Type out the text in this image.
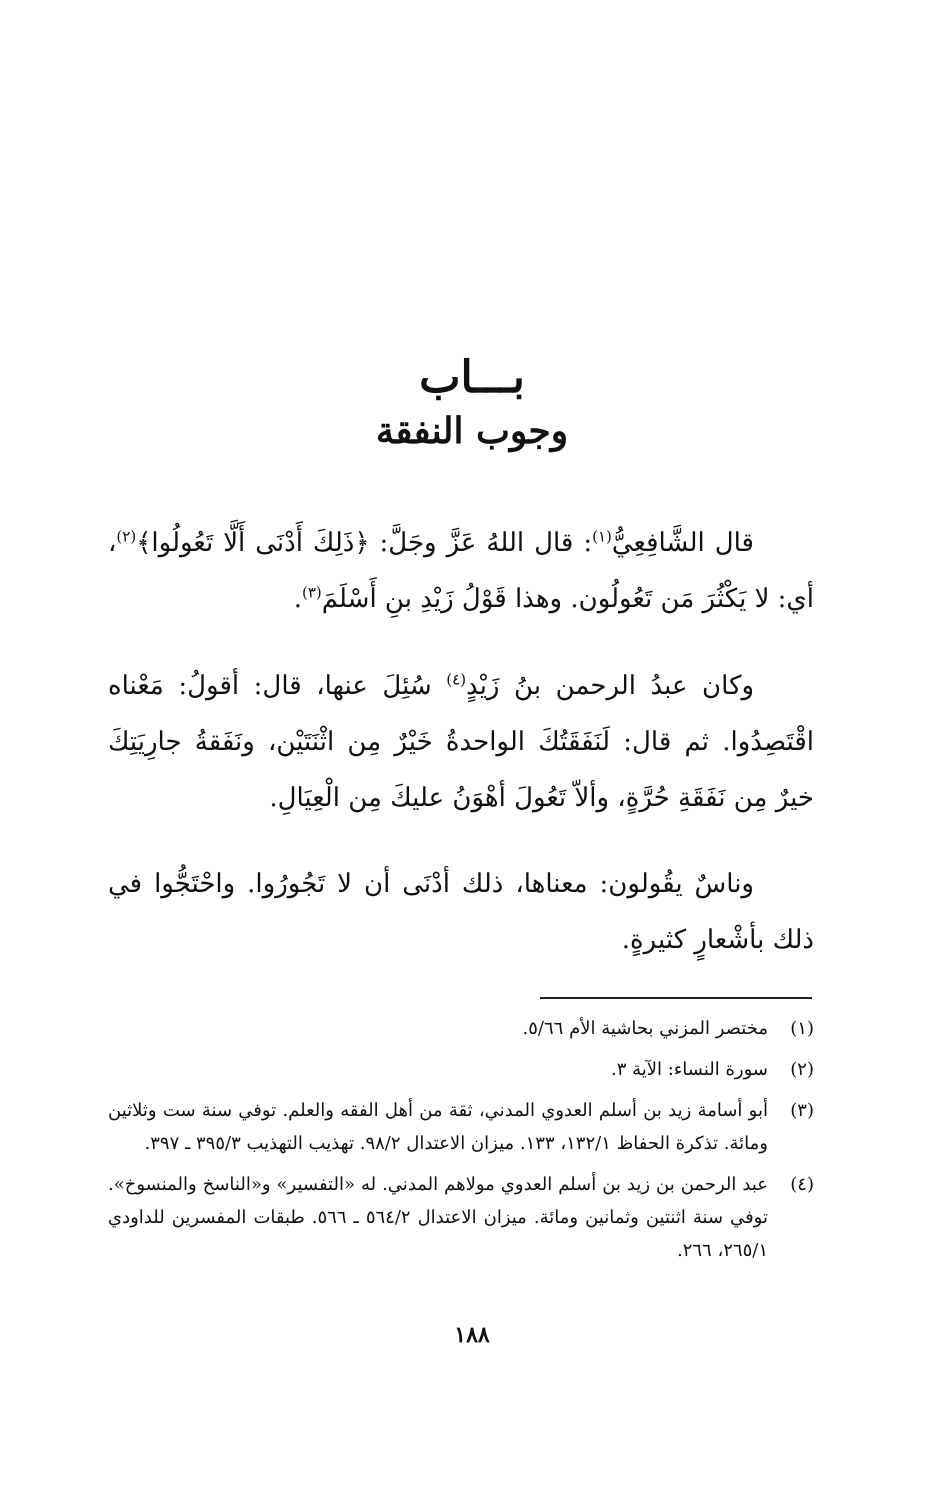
بـــاب
وجوب النفقة

قال الشَّافِعِيُّ$^{(١)}$: قال اللهُ عَزَّ وجَلَّ: ﴿ذَلِكَ أَدْنَى أَلَّا تَعُولُوا﴾$^{(٢)}$، أي: لا يَكْثُرَ مَن تَعُولُون. وهذا قَوْلُ زَيْدِ بنِ أَسْلَمَ$^{(٣)}$.

وكان عبدُ الرحمن بنُ زَيْدٍ$^{(٤)}$ سُئِلَ عنها، قال: أقولُ: مَعْناه اقْتَصِدُوا. ثم قال: لَنَفَقَتُكَ الواحدةُ خَيْرٌ مِن اثْنَتَيْن، ونَفَقةُ جارِيَتِكَ خيرٌ مِن نَفَقَةِ حُرَّةٍ، وألاّ تَعُولَ أهْوَنُ عليكَ مِن الْعِيَالِ.

وناسٌ يقُولون: معناها، ذلك أدْنَى أن لا تَجُورُوا. واحْتَجُّوا في ذلك بأشْعارٍ كثيرةٍ.

(١)
مختصر المزني بحاشية الأم ٥/٦٦.
(٢)
سورة النساء: الآية ٣.
(٣)
أبو أسامة زيد بن أسلم العدوي المدني، ثقة من أهل الفقه والعلم. توفي سنة ست وثلاثين ومائة. تذكرة الحفاظ ١٣٢/١، ١٣٣. ميزان الاعتدال ٩٨/٢. تهذيب التهذيب ٣٩٥/٣ ـ ٣٩٧.
(٤)
عبد الرحمن بن زيد بن أسلم العدوي مولاهم المدني. له «التفسير» و«الناسخ والمنسوخ». توفي سنة اثنتين وثمانين ومائة. ميزان الاعتدال ٥٦٤/٢ ـ ٥٦٦. طبقات المفسرين للداودي ٢٦٥/١، ٢٦٦.
١٨٨
